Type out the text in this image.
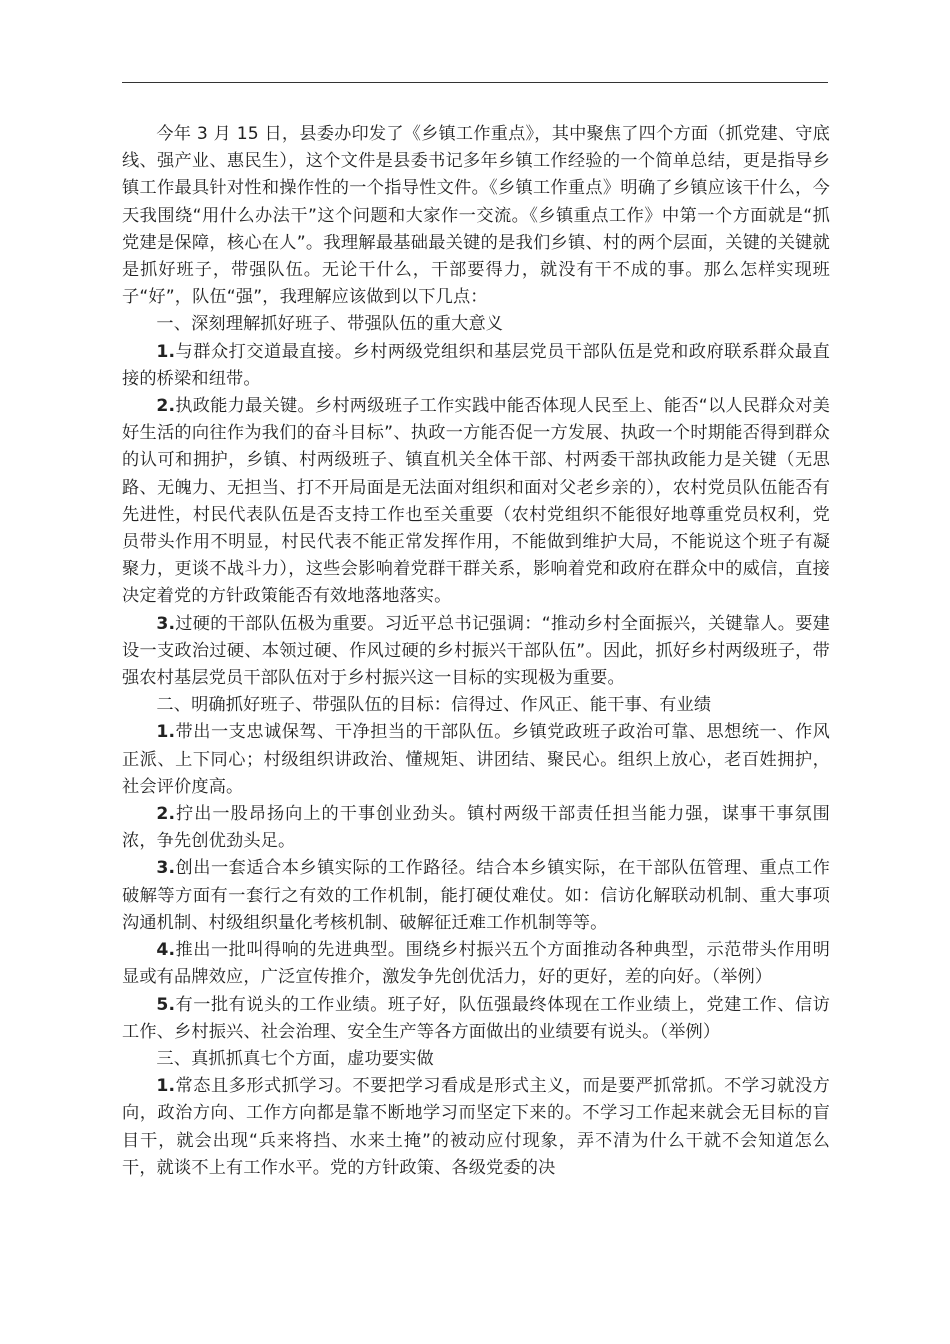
今年 3 月 15 日，县委办印发了《乡镇工作重点》，其中聚焦了四个方面（抓党建、守底线、强产业、惠民生），这个文件是县委书记多年乡镇工作经验的一个简单总结，更是指导乡镇工作最具针对性和操作性的一个指导性文件。《乡镇工作重点》明确了乡镇应该干什么，今天我围绕“用什么办法干”这个问题和大家作一交流。《乡镇重点工作》中第一个方面就是“抓党建是保障，核心在人”。我理解最基础最关键的是我们乡镇、村的两个层面，关键的关键就是抓好班子，带强队伍。无论干什么，干部要得力，就没有干不成的事。那么怎样实现班子“好”，队伍“强”，我理解应该做到以下几点：

一、深刻理解抓好班子、带强队伍的重大意义

1.与群众打交道最直接。乡村两级党组织和基层党员干部队伍是党和政府联系群众最直接的桥梁和纽带。

2.执政能力最关键。乡村两级班子工作实践中能否体现人民至上、能否“以人民群众对美好生活的向往作为我们的奋斗目标”、执政一方能否促一方发展、执政一个时期能否得到群众的认可和拥护，乡镇、村两级班子、镇直机关全体干部、村两委干部执政能力是关键（无思路、无魄力、无担当、打不开局面是无法面对组织和面对父老乡亲的），农村党员队伍能否有先进性，村民代表队伍是否支持工作也至关重要（农村党组织不能很好地尊重党员权利，党员带头作用不明显，村民代表不能正常发挥作用，不能做到维护大局，不能说这个班子有凝聚力，更谈不战斗力），这些会影响着党群干群关系，影响着党和政府在群众中的威信，直接决定着党的方针政策能否有效地落地落实。

3.过硬的干部队伍极为重要。习近平总书记强调：“推动乡村全面振兴，关键靠人。要建设一支政治过硬、本领过硬、作风过硬的乡村振兴干部队伍”。因此，抓好乡村两级班子，带强农村基层党员干部队伍对于乡村振兴这一目标的实现极为重要。

二、明确抓好班子、带强队伍的目标：信得过、作风正、能干事、有业绩

1.带出一支忠诚保驾、干净担当的干部队伍。乡镇党政班子政治可靠、思想统一、作风正派、上下同心；村级组织讲政治、懂规矩、讲团结、聚民心。组织上放心，老百姓拥护，社会评价度高。

2.拧出一股昂扬向上的干事创业劲头。镇村两级干部责任担当能力强，谋事干事氛围浓，争先创优劲头足。

3.创出一套适合本乡镇实际的工作路径。结合本乡镇实际，在干部队伍管理、重点工作破解等方面有一套行之有效的工作机制，能打硬仗难仗。如：信访化解联动机制、重大事项沟通机制、村级组织量化考核机制、破解征迁难工作机制等等。

4.推出一批叫得响的先进典型。围绕乡村振兴五个方面推动各种典型，示范带头作用明显或有品牌效应，广泛宣传推介，激发争先创优活力，好的更好，差的向好。（举例）

5.有一批有说头的工作业绩。班子好，队伍强最终体现在工作业绩上，党建工作、信访工作、乡村振兴、社会治理、安全生产等各方面做出的业绩要有说头。（举例）

三、真抓抓真七个方面，虚功要实做

1.常态且多形式抓学习。不要把学习看成是形式主义，而是要严抓常抓。不学习就没方向，政治方向、工作方向都是靠不断地学习而坚定下来的。不学习工作起来就会无目标的盲目干，就会出现“兵来将挡、水来土掩”的被动应付现象，弄不清为什么干就不会知道怎么干，就谈不上有工作水平。党的方针政策、各级党委的决
